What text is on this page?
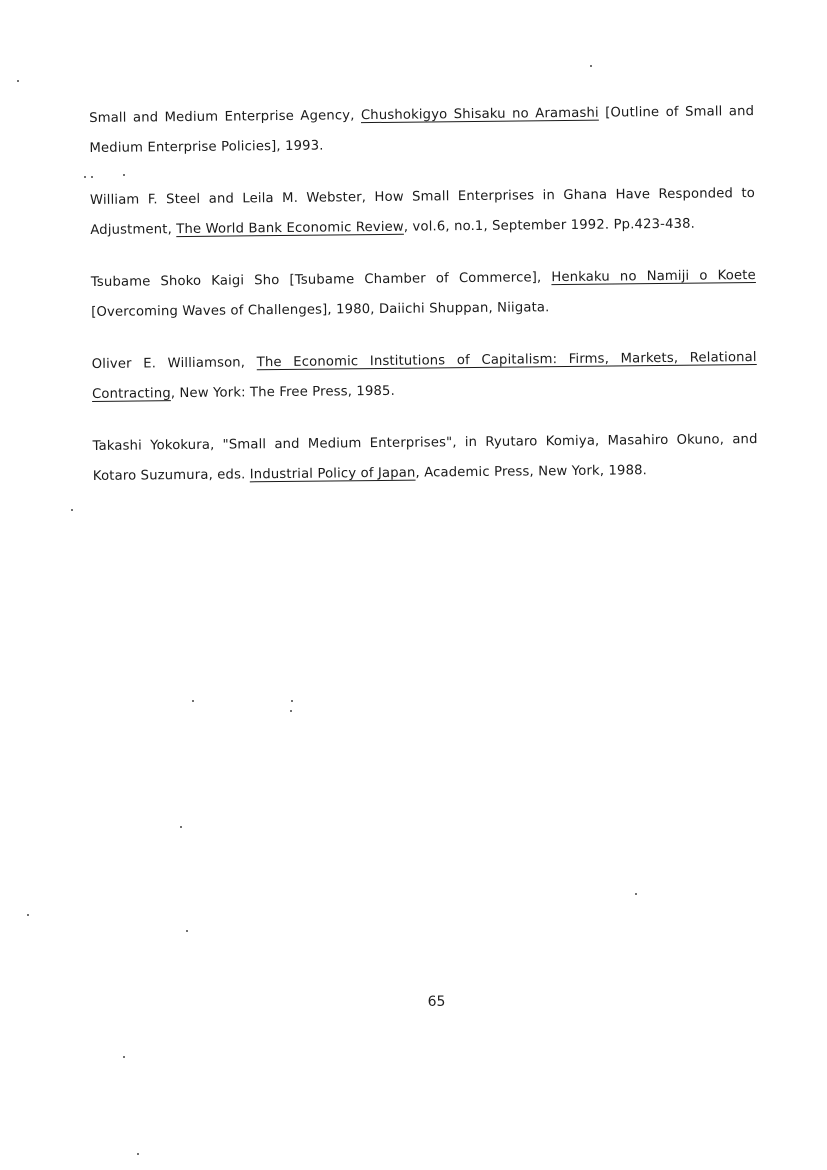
Small and Medium Enterprise Agency, Chushokigyo Shisaku no Aramashi [Outline of Small and Medium Enterprise Policies], 1993.

William F. Steel and Leila M. Webster, How Small Enterprises in Ghana Have Responded to Adjustment, The World Bank Economic Review, vol.6, no.1, September 1992. Pp.423-438.

Tsubame Shoko Kaigi Sho [Tsubame Chamber of Commerce], Henkaku no Namiji o Koete [Overcoming Waves of Challenges], 1980, Daiichi Shuppan, Niigata.

Oliver E. Williamson, The Economic Institutions of Capitalism: Firms, Markets, Relational Contracting, New York: The Free Press, 1985.

Takashi Yokokura, "Small and Medium Enterprises", in Ryutaro Komiya, Masahiro Okuno, and Kotaro Suzumura, eds. Industrial Policy of Japan, Academic Press, New York, 1988.

65
